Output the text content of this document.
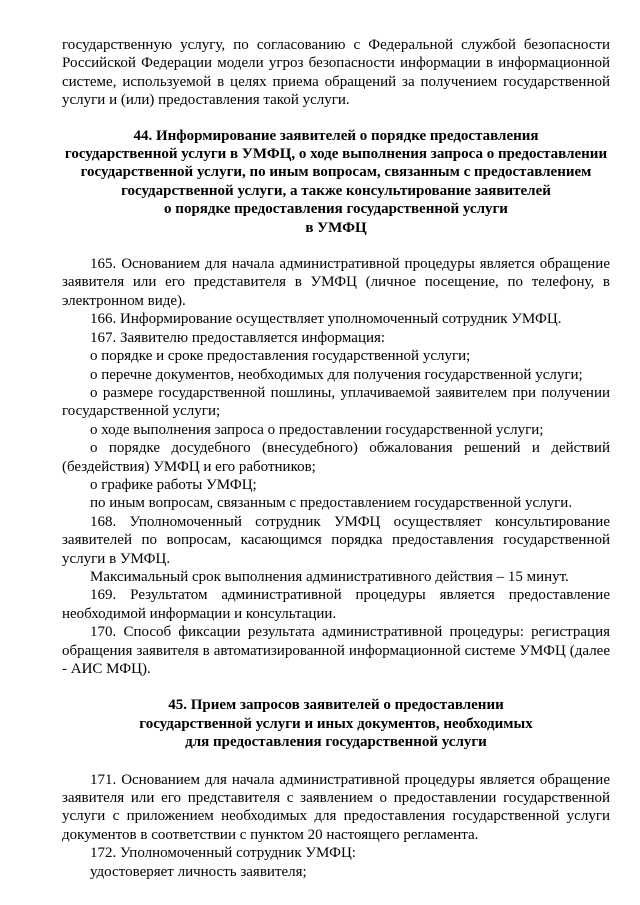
государственную услугу, по согласованию с Федеральной службой безопасности Российской Федерации модели угроз безопасности информации в информационной системе, используемой в целях приема обращений за получением государственной услуги и (или) предоставления такой услуги.

44. Информирование заявителей о порядке предоставления
государственной услуги в УМФЦ, о ходе выполнения запроса о предоставлении
государственной услуги, по иным вопросам, связанным с предоставлением
государственной услуги, а также консультирование заявителей
о порядке предоставления государственной услуги
в УМФЦ

165. Основанием для начала административной процедуры является обращение заявителя или его представителя в УМФЦ (личное посещение, по телефону, в электронном виде).

166. Информирование осуществляет уполномоченный сотрудник УМФЦ.

167. Заявителю предоставляется информация:

о порядке и сроке предоставления государственной услуги;

о перечне документов, необходимых для получения государственной услуги;

о размере государственной пошлины, уплачиваемой заявителем при получении государственной услуги;

о ходе выполнения запроса о предоставлении государственной услуги;

о порядке досудебного (внесудебного) обжалования решений и действий (бездействия) УМФЦ и его работников;

о графике работы УМФЦ;

по иным вопросам, связанным с предоставлением государственной услуги.

168. Уполномоченный сотрудник УМФЦ осуществляет консультирование заявителей по вопросам, касающимся порядка предоставления государственной услуги в УМФЦ.

Максимальный срок выполнения административного действия – 15 минут.

169. Результатом административной процедуры является предоставление необходимой информации и консультации.

170. Способ фиксации результата административной процедуры: регистрация обращения заявителя в автоматизированной информационной системе УМФЦ (далее - АИС МФЦ).

45. Прием запросов заявителей о предоставлении
государственной услуги и иных документов, необходимых
для предоставления государственной услуги

171. Основанием для начала административной процедуры является обращение заявителя или его представителя с заявлением о предоставлении государственной услуги с приложением необходимых для предоставления государственной услуги документов в соответствии с пунктом 20 настоящего регламента.

172. Уполномоченный сотрудник УМФЦ:

удостоверяет личность заявителя;
